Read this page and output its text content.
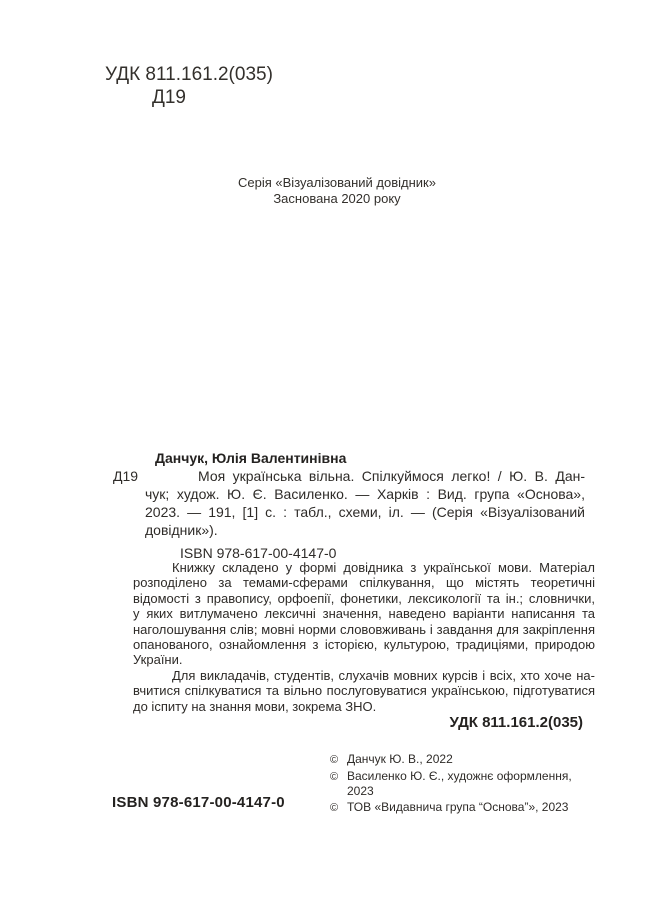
УДК 811.161.2(035)
Д19
Серія «Візуалізований довідник»
Заснована 2020 року
Данчук, Юлія Валентинівна
Д19	Моя українська вільна. Спілкуймося легко! / Ю. В. Дан-
чук; худож. Ю. Є. Василенко. — Харків : Вид. група «Основа»,
2023. — 191, [1] с. : табл., схеми, іл. — (Серія «Візуалізований
довідник»).
ISBN 978-617-00-4147-0
Книжку складено у формі довідника з української мови. Матеріал
розподілено за темами-сферами спілкування, що містять теоретичні
відомості з правопису, орфоепії, фонетики, лексикології та ін.; словнички,
у яких витлумачено лексичні значення, наведено варіанти написання та
наголошування слів; мовні норми слововживань і завдання для закріплення
опанованого, ознайомлення з історією, культурою, традиціями, природою
України.
Для викладачів, студентів, слухачів мовних курсів і всіх, хто хоче на-
вчитися спілкуватися та вільно послуговуватися українською, підготуватися
до іспиту на знання мови, зокрема ЗНО.
УДК 811.161.2(035)
© Данчук Ю. В., 2022
© Василенко Ю. Є., художнє оформлення,
2023
© ТОВ «Видавнича група “Основа”», 2023
ISBN 978-617-00-4147-0
